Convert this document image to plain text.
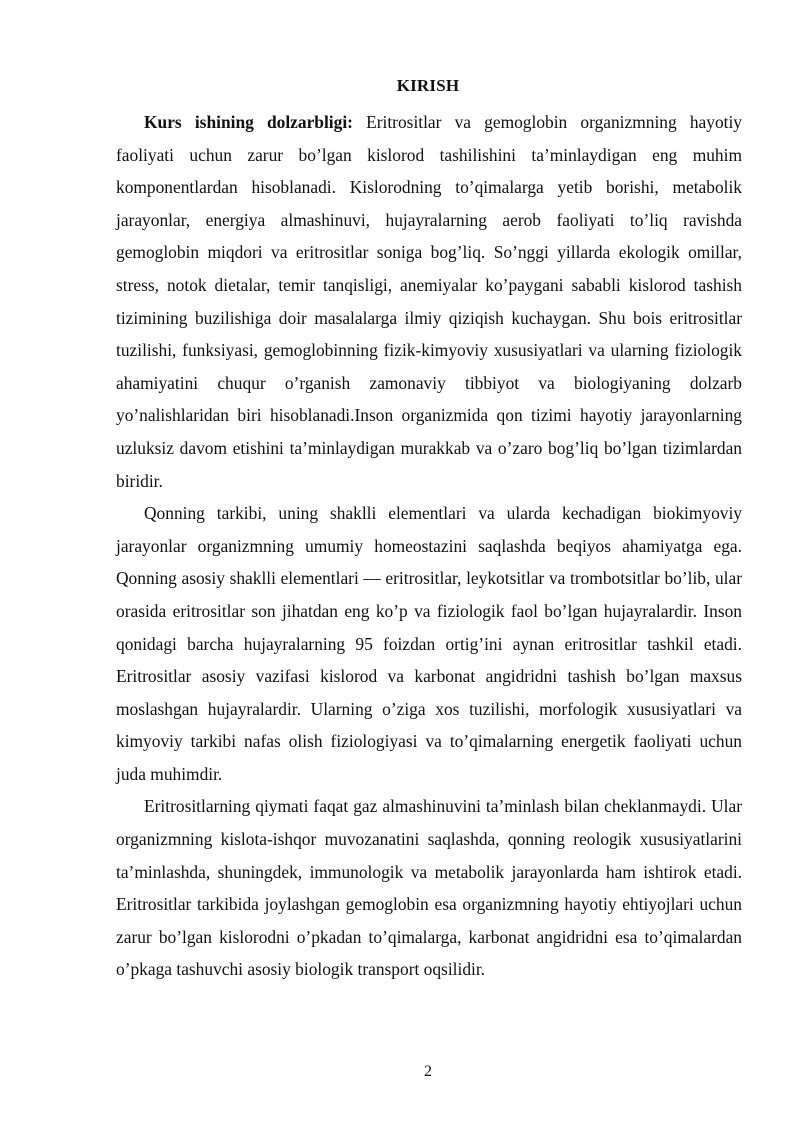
KIRISH

Kurs ishining dolzarbligi: Eritrositlar va gemoglobin organizmning hayotiy faoliyati uchun zarur bo’lgan kislorod tashilishini ta’minlaydigan eng muhim komponentlardan hisoblanadi. Kislorodning to’qimalarga yetib borishi, metabolik jarayonlar, energiya almashinuvi, hujayralarning aerob faoliyati to’liq ravishda gemoglobin miqdori va eritrositlar soniga bog’liq. So’nggi yillarda ekologik omillar, stress, notok dietalar, temir tanqisligi, anemiyalar ko’paygani sababli kislorod tashish tizimining buzilishiga doir masalalarga ilmiy qiziqish kuchaygan. Shu bois eritrositlar tuzilishi, funksiyasi, gemoglobinning fizik-kimyoviy xususiyatlari va ularning fiziologik ahamiyatini chuqur o’rganish zamonaviy tibbiyot va biologiyaning dolzarb yo’nalishlaridan biri hisoblanadi.Inson organizmida qon tizimi hayotiy jarayonlarning uzluksiz davom etishini ta’minlaydigan murakkab va o’zaro bog’liq bo’lgan tizimlardan biridir.

Qonning tarkibi, uning shaklli elementlari va ularda kechadigan biokimyoviy jarayonlar organizmning umumiy homeostazini saqlashda beqiyos ahamiyatga ega. Qonning asosiy shaklli elementlari — eritrositlar, leykotsitlar va trombotsitlar bo’lib, ular orasida eritrositlar son jihatdan eng ko’p va fiziologik faol bo’lgan hujayralardir. Inson qonidagi barcha hujayralarning 95 foizdan ortig’ini aynan eritrositlar tashkil etadi. Eritrositlar asosiy vazifasi kislorod va karbonat angidridni tashish bo’lgan maxsus moslashgan hujayralardir. Ularning o’ziga xos tuzilishi, morfologik xususiyatlari va kimyoviy tarkibi nafas olish fiziologiyasi va to’qimalarning energetik faoliyati uchun juda muhimdir.

Eritrositlarning qiymati faqat gaz almashinuvini ta’minlash bilan cheklanmaydi. Ular organizmning kislota-ishqor muvozanatini saqlashda, qonning reologik xususiyatlarini ta’minlashda, shuningdek, immunologik va metabolik jarayonlarda ham ishtirok etadi. Eritrositlar tarkibida joylashgan gemoglobin esa organizmning hayotiy ehtiyojlari uchun zarur bo’lgan kislorodni o’pkadan to’qimalarga, karbonat angidridni esa to’qimalardan o’pkaga tashuvchi asosiy biologik transport oqsilidir.

2
